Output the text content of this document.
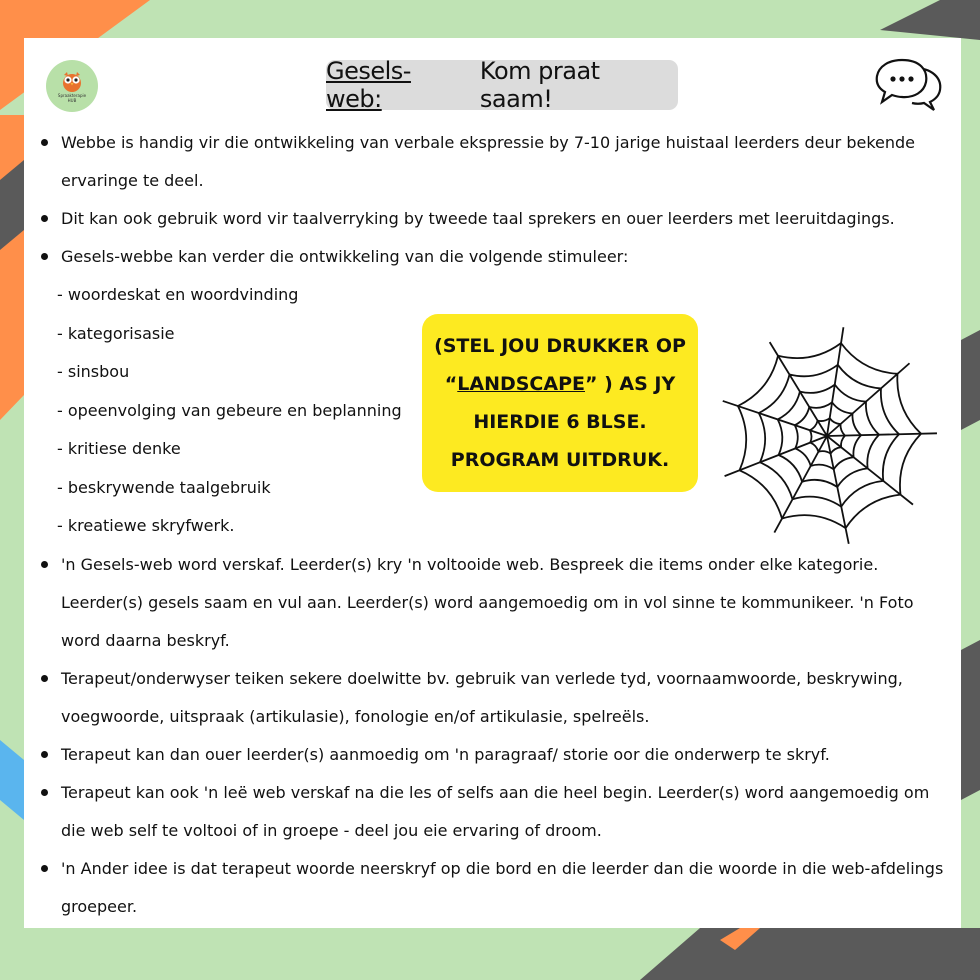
Spraakterapie
HUB
Gesels-web:
Kom praat saam!
Webbe is handig vir die ontwikkeling van verbale ekspressie by 7-10 jarige huistaal leerders deur bekende ervaringe te deel.
Dit kan ook gebruik word vir taalverryking by tweede taal sprekers en ouer leerders met leeruitdagings.
Gesels-webbe kan verder die ontwikkeling van die volgende stimuleer:
- woordeskat en woordvinding
- kategorisasie
- sinsbou
- opeenvolging van gebeure en beplanning
- kritiese denke
- beskrywende taalgebruik
- kreatiewe skryfwerk.
'n Gesels-web word verskaf. Leerder(s) kry 'n voltooide web. Bespreek die items onder elke kategorie. Leerder(s) gesels saam en vul aan. Leerder(s) word aangemoedig om in vol sinne te kommunikeer. 'n Foto word daarna beskryf.
Terapeut/onderwyser teiken sekere doelwitte bv. gebruik van verlede tyd, voornaamwoorde, beskrywing, voegwoorde, uitspraak (artikulasie), fonologie en/of artikulasie, spelreëls.
Terapeut kan dan ouer leerder(s) aanmoedig om 'n paragraaf/ storie oor die onderwerp te skryf.
Terapeut kan ook 'n leë web verskaf na die les of selfs aan die heel begin. Leerder(s) word aangemoedig om die web self te voltooi of in groepe - deel jou eie ervaring of droom.
'n Ander idee is dat terapeut woorde neerskryf op die bord en die leerder dan die woorde in die web-afdelings groepeer.
(STEL JOU DRUKKER OP
“LANDSCAPE” ) AS JY
HIERDIE 6 BLSE.
PROGRAM UITDRUK.
